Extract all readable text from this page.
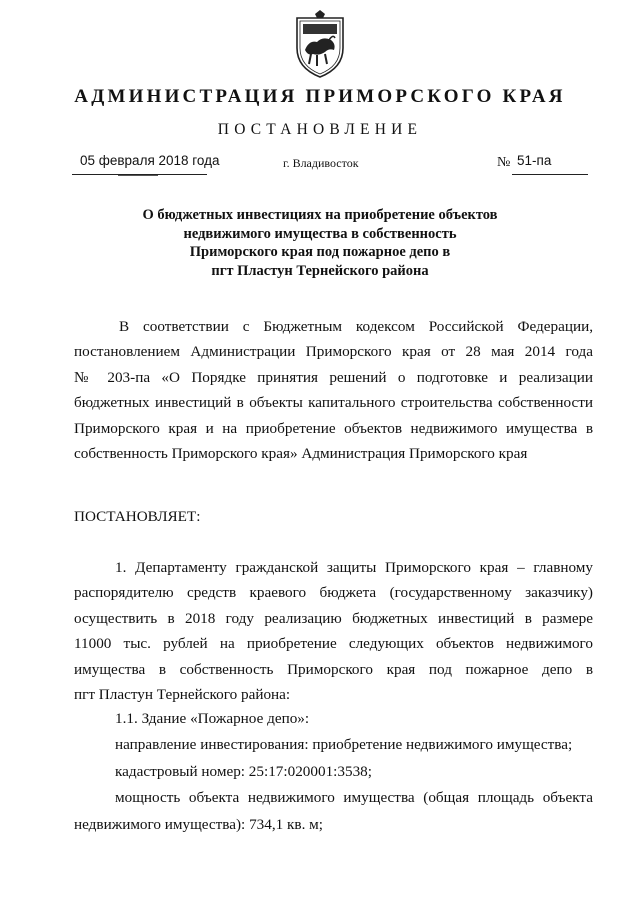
АДМИНИСТРАЦИЯ ПРИМОРСКОГО КРАЯ
ПОСТАНОВЛЕНИЕ
05 февраля 2018 года	г. Владивосток	№ 51-па
О бюджетных инвестициях на приобретение объектов
недвижимого имущества в собственность
Приморского края под пожарное депо в
пгт Пластун Тернейского района
В соответствии с Бюджетным кодексом Российской Федерации,
постановлением Администрации Приморского края от 28 мая 2014 года
№ 203-па «О Порядке принятия решений о подготовке и реализации
бюджетных инвестиций в объекты капитального строительства собственности
Приморского края и на приобретение объектов недвижимого имущества в
собственность Приморского края» Администрация Приморского края
ПОСТАНОВЛЯЕТ:
1. Департаменту гражданской защиты Приморского края – главному
распорядителю средств краевого бюджета (государственному заказчику)
осуществить в 2018 году реализацию бюджетных инвестиций в размере
11000 тыс. рублей на приобретение следующих объектов недвижимого
имущества в собственность Приморского края под пожарное депо в
пгт Пластун Тернейского района:
1.1. Здание «Пожарное депо»:
направление инвестирования: приобретение недвижимого имущества;
кадастровый номер: 25:17:020001:3538;
мощность объекта недвижимого имущества (общая площадь объекта
недвижимого имущества): 734,1 кв. м;
